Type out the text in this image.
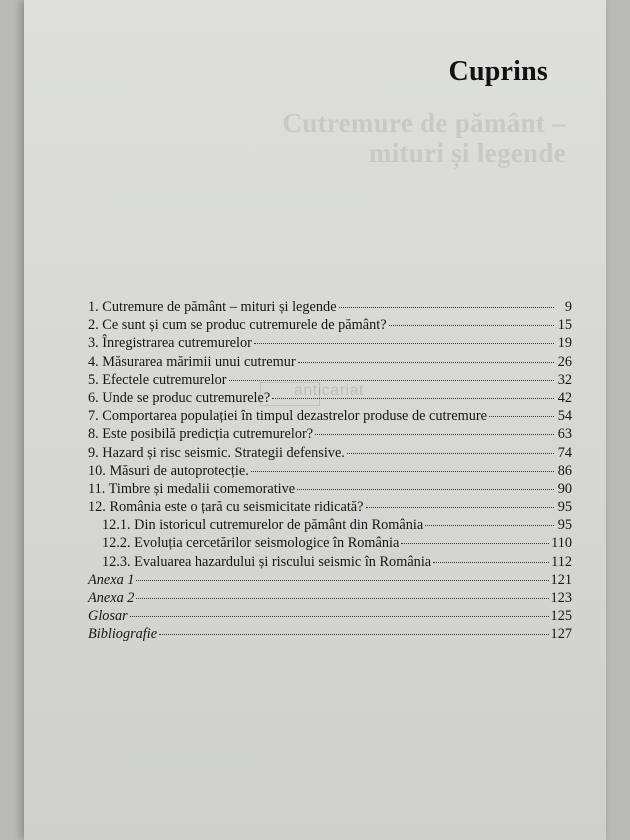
Cutremure de pământ –
mituri și legende
Cuprins
anticariat
1. Cutremure de pământ – mituri și legende	9
2. Ce sunt și cum se produc cutremurele de pământ?	15
3. Înregistrarea cutremurelor	19
4. Măsurarea mărimii unui cutremur	26
5. Efectele cutremurelor	32
6. Unde se produc cutremurele?	42
7. Comportarea populației în timpul dezastrelor produse de cutremure	54
8. Este posibilă predicția cutremurelor?	63
9. Hazard și risc seismic. Strategii defensive.	74
10. Măsuri de autoprotecție.	86
11. Timbre și medalii comemorative	90
12. România este o țară cu seismicitate ridicată?	95
12.1. Din istoricul cutremurelor de pământ din România	95
12.2. Evoluția cercetărilor seismologice în România	110
12.3. Evaluarea hazardului și riscului seismic în România	112
Anexa 1	121
Anexa 2	123
Glosar	125
Bibliografie	127
